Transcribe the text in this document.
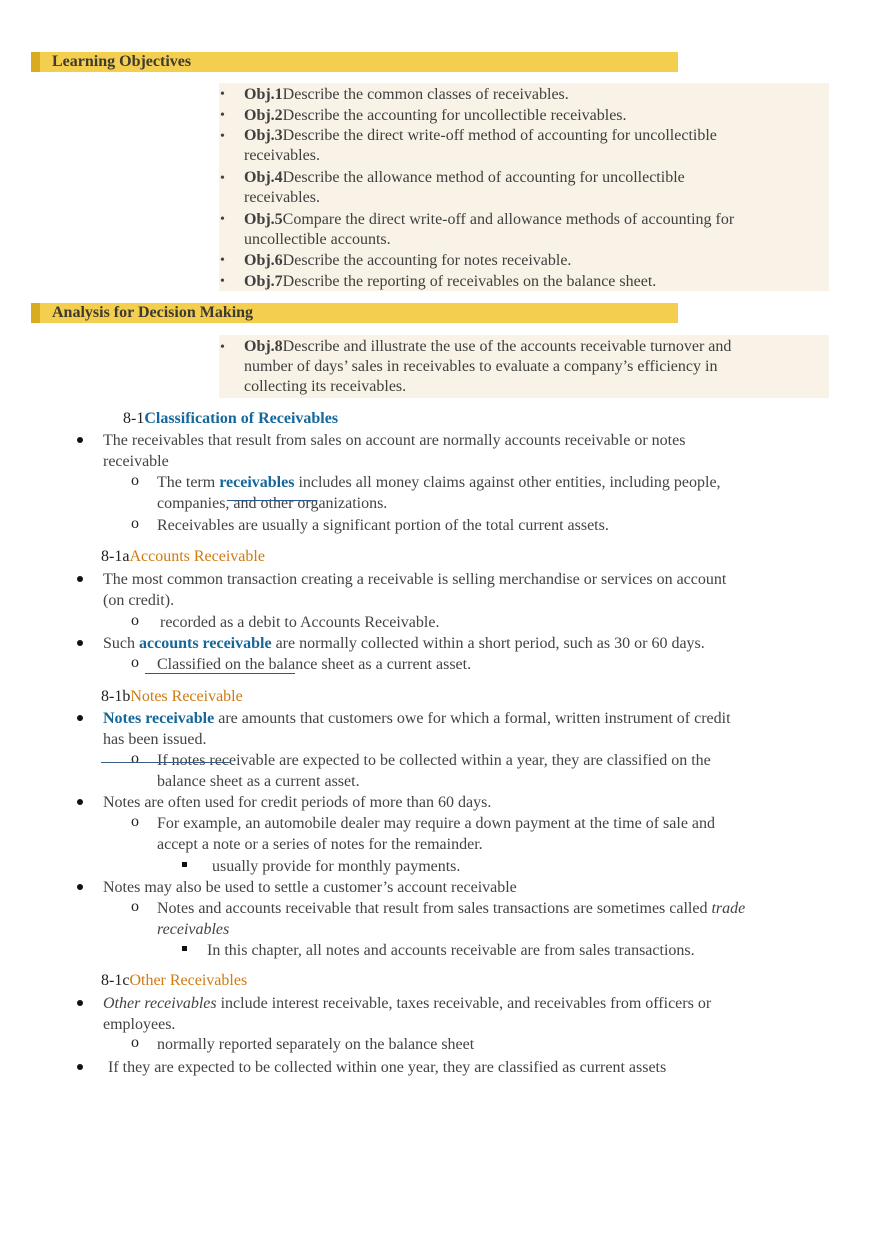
Learning Objectives
• Obj.1Describe the common classes of receivables.
• Obj.2Describe the accounting for uncollectible receivables.
• Obj.3Describe the direct write-off method of accounting for uncollectible
receivables.
• Obj.4Describe the allowance method of accounting for uncollectible
receivables.
• Obj.5Compare the direct write-off and allowance methods of accounting for
uncollectible accounts.
• Obj.6Describe the accounting for notes receivable.
• Obj.7Describe the reporting of receivables on the balance sheet.
Analysis for Decision Making
• Obj.8Describe and illustrate the use of the accounts receivable turnover and
number of days’ sales in receivables to evaluate a company’s efficiency in
collecting its receivables.
8-1Classification of Receivables
The receivables that result from sales on account are normally accounts receivable or notes
receivable
o The term receivables includes all money claims against other entities, including people,
companies, and other organizations.
o Receivables are usually a significant portion of the total current assets.
8-1aAccounts Receivable
The most common transaction creating a receivable is selling merchandise or services on account
(on credit).
o recorded as a debit to Accounts Receivable.
Such accounts receivable are normally collected within a short period, such as 30 or 60 days.
o Classified on the balance sheet as a current asset.
8-1bNotes Receivable
Notes receivable are amounts that customers owe for which a formal, written instrument of credit
has been issued.
o If notes receivable are expected to be collected within a year, they are classified on the
balance sheet as a current asset.
Notes are often used for credit periods of more than 60 days.
o For example, an automobile dealer may require a down payment at the time of sale and
accept a note or a series of notes for the remainder.
usually provide for monthly payments.
Notes may also be used to settle a customer’s account receivable
o Notes and accounts receivable that result from sales transactions are sometimes called trade
receivables
In this chapter, all notes and accounts receivable are from sales transactions.
8-1cOther Receivables
Other receivables include interest receivable, taxes receivable, and receivables from officers or
employees.
o normally reported separately on the balance sheet
If they are expected to be collected within one year, they are classified as current assets
